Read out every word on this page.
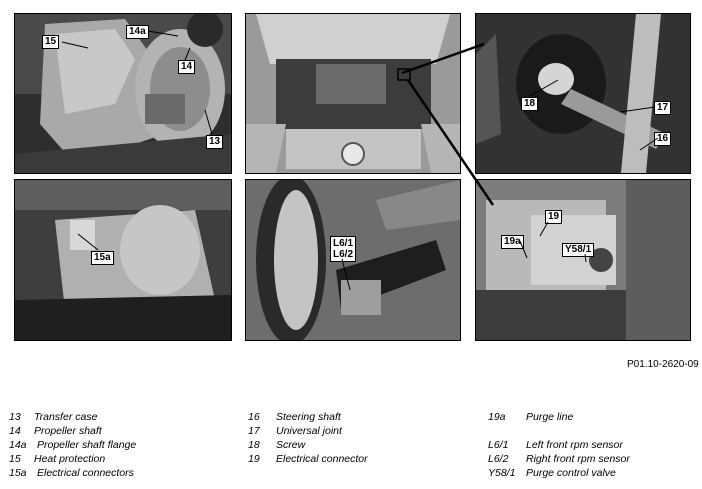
15
14a
14
13
18	17
16
15a
L6/1
L6/2
19
19a
Y58/1
P01.10-2620-09
13 Transfer case
14 Propeller shaft
14a Propeller shaft flange
15 Heat protection
15a Electrical connectors
16 Steering shaft
17 Universal joint
18 Screw
19 Electrical connector
19a Purge line
L6/1 Left front rpm sensor
L6/2 Right front rpm sensor
Y58/1 Purge control valve
